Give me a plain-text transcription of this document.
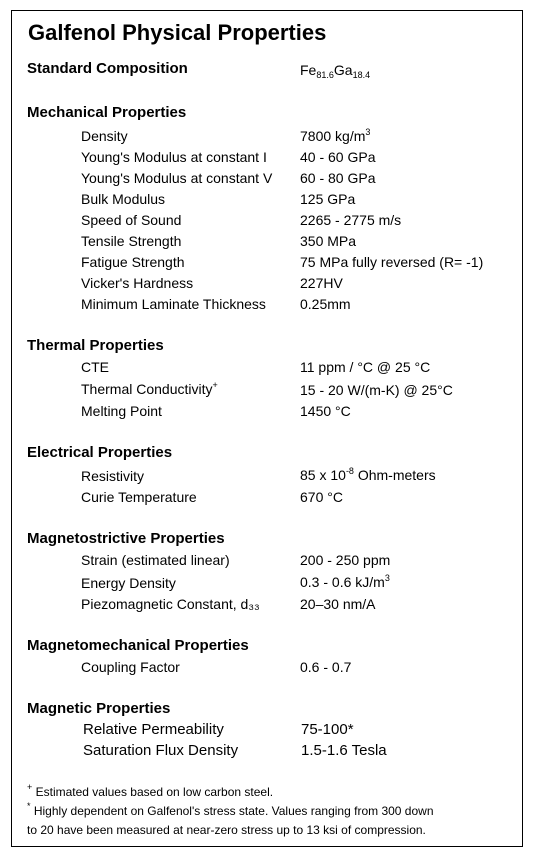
Galfenol Physical Properties
Standard Composition	$Fe_{81.6}Ga_{18.4}$
Mechanical Properties
Density	7800 $kg/m^3$
Young's Modulus at constant I 40 - 60 GPa
Young's Modulus at constant V 60 - 80 GPa
Bulk Modulus	125 GPa
Speed of Sound	2265 - 2775 m/s
Tensile Strength	350 MPa
Fatigue Strength	75 MPa fully reversed (R= -1)
Vicker's Hardness	227HV
Minimum Laminate Thickness 0.25mm
Thermal Properties
CTE	11 ppm / °C @ 25 °C
Thermal Conductivity+	15 - 20 W/(m-K) @ 25°C
Melting Point	1450 °C
Electrical Properties
Resistivity	85 x $10^{-8}$ Ohm-meters
Curie Temperature	670 °C
Magnetostrictive Properties
Strain (estimated linear)	200 - 250 ppm
Energy Density	0.3 - 0.6 $kJ/m^3$
Piezomagnetic Constant, d₃₃	20–30 nm/A
Magnetomechanical Properties
Coupling Factor	0.6 - 0.7
Magnetic Properties
Relative Permeability	75-100*
Saturation Flux Density	1.5-1.6 Tesla
+ Estimated values based on low carbon steel.
* Highly dependent on Galfenol's stress state. Values ranging from 300 down
to 20 have been measured at near-zero stress up to 13 ksi of compression.
